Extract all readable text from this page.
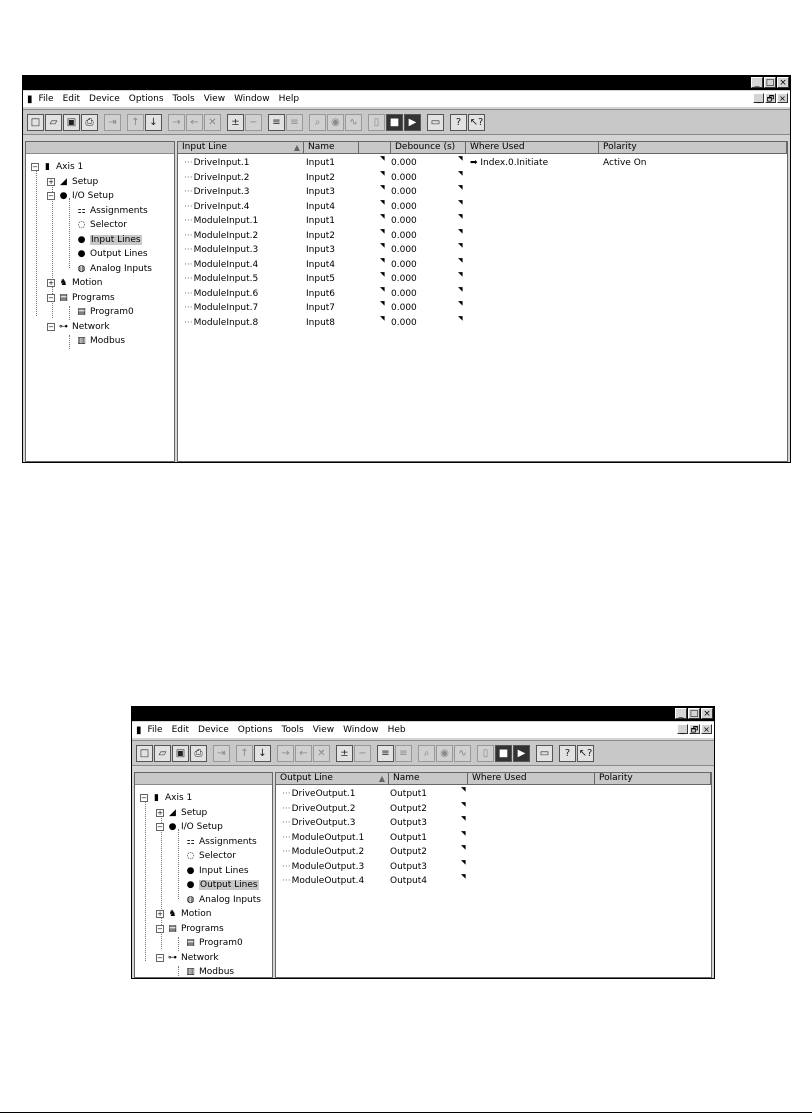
_ □ ×
▮ File Edit Device Options Tools View Window Help	_ 🗗 ×
□ ▱ ▣ ⎙	⇥	↑ ↓	→ ← ✕	± −	≡ ≡	⌕	◉ ∿	▯	■ ▶	▭	? ↖?
− ▮ Axis 1
+ ◢ Setup
− ● I/O Setup
⚏ Assignments
◌ Selector
● Input Lines
● Output Lines
◍ Analog Inputs
+ ♞ Motion
− ▤ Programs
▤ Program0
− ⊶ Network
▥ Modbus
Input Line	▲ Name	Debounce (s)	Where Used	Polarity
···DriveInput.1	Input1	◥ 0.000	◥ ➡ Index.0.Initiate	Active On
···DriveInput.2	Input2	◥ 0.000	◥
···DriveInput.3	Input3	◥ 0.000	◥
···DriveInput.4	Input4	◥ 0.000	◥
···ModuleInput.1	Input1	◥ 0.000	◥
···ModuleInput.2	Input2	◥ 0.000	◥
···ModuleInput.3	Input3	◥ 0.000	◥
···ModuleInput.4	Input4	◥ 0.000	◥
···ModuleInput.5	Input5	◥ 0.000	◥
···ModuleInput.6	Input6	◥ 0.000	◥
···ModuleInput.7	Input7	◥ 0.000	◥
···ModuleInput.8	Input8	◥ 0.000	◥
_ □ ×
▮ File Edit Device Options Tools View Window Heb	_ 🗗 ×
□ ▱ ▣ ⎙	⇥	↑ ↓	→ ← ✕	± −	≡ ≡	⌕	◉ ∿	▯	■ ▶	▭	? ↖?
− ▮ Axis 1
+ ◢ Setup
− ● I/O Setup
⚏ Assignments
◌ Selector
● Input Lines
● Output Lines
◍ Analog Inputs
+ ♞ Motion
− ▤ Programs
▤ Program0
− ⊶ Network
▥ Modbus
Output Line	▲ Name	Where Used	Polarity
···DriveOutput.1	Output1	◥
···DriveOutput.2	Output2	◥
···DriveOutput.3	Output3	◥
···ModuleOutput.1	Output1	◥
···ModuleOutput.2	Output2	◥
···ModuleOutput.3	Output3	◥
···ModuleOutput.4	Output4	◥
